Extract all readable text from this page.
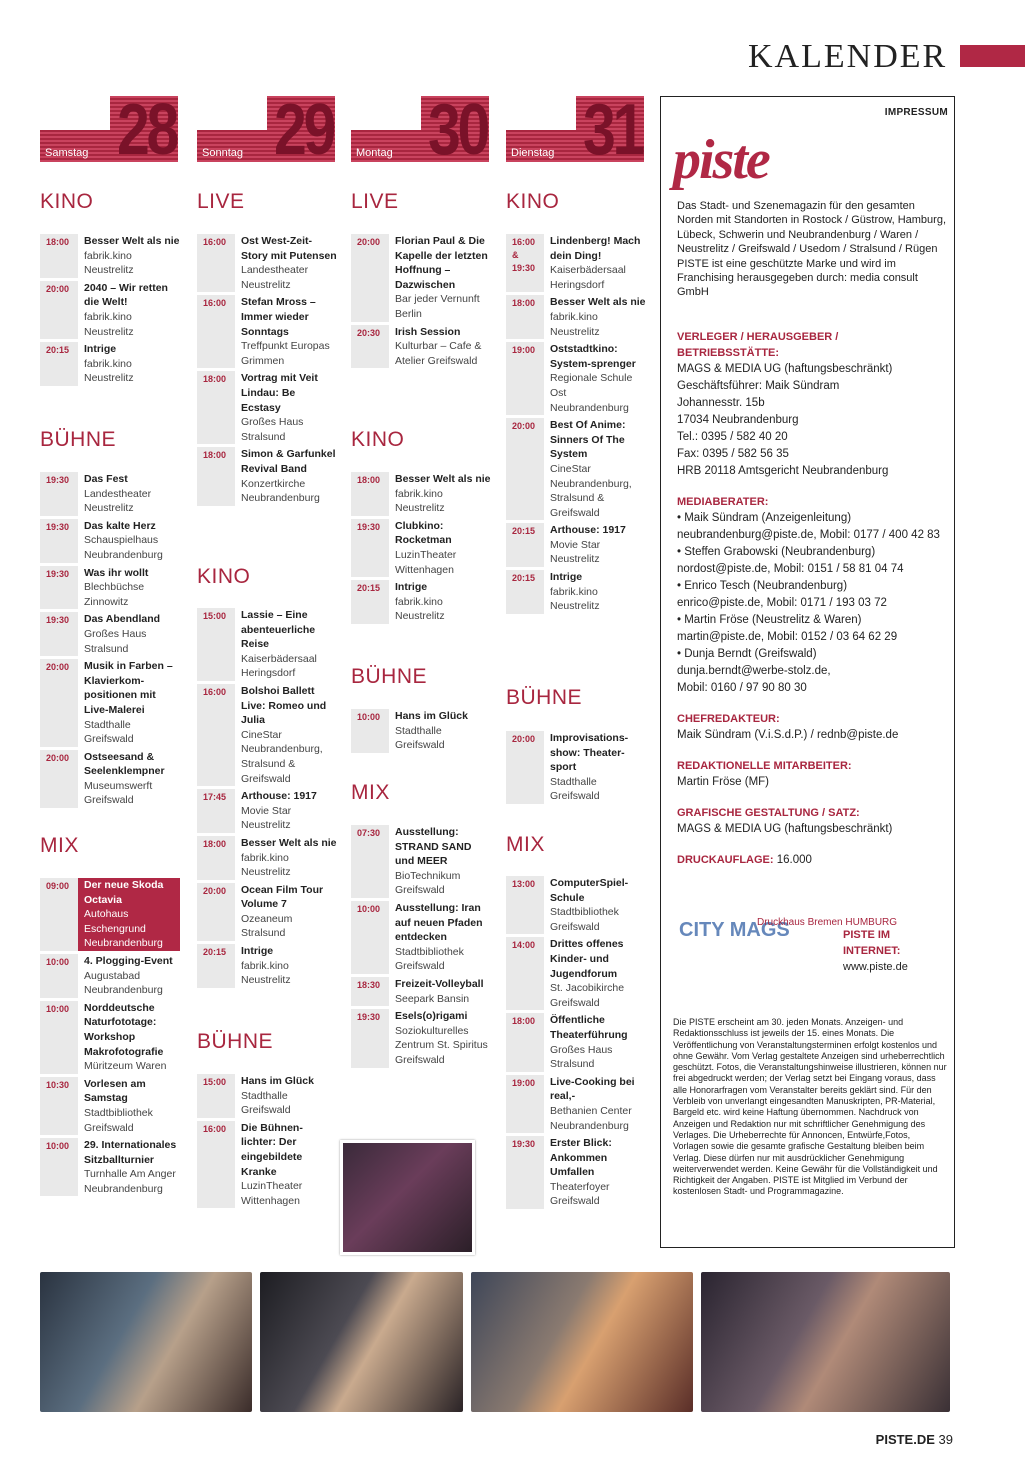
KALENDER
28
Samstag
KINO
18:00	Besser Welt als nie
fabrik.kino Neustrelitz
20:00	2040 – Wir retten die Welt!
fabrik.kino Neustrelitz
20:15	Intrige
fabrik.kino Neustrelitz
BÜHNE
19:30	Das Fest
Landestheater Neustrelitz
19:30	Das kalte Herz
Schauspielhaus Neubrandenburg
19:30	Was ihr wollt
Blechbüchse Zinnowitz
19:30	Das Abendland
Großes Haus Stralsund
20:00	Musik in Farben – Klavierkom-positionen mit Live-Malerei
Stadthalle Greifswald
20:00	Ostseesand & Seelenklempner
Museumswerft Greifswald
MIX
09:00	Der neue Skoda Octavia
Autohaus Eschengrund Neubrandenburg
10:00	4. Plogging-Event
Augustabad Neubrandenburg
10:00	Norddeutsche Naturfototage: Workshop Makrofotografie
Müritzeum Waren
10:30	Vorlesen am Samstag
Stadtbibliothek Greifswald
10:00	29. Internationales Sitzballturnier
Turnhalle Am Anger Neubrandenburg
29
Sonntag
LIVE
16:00	Ost West-Zeit-Story mit Putensen
Landestheater Neustrelitz
16:00	Stefan Mross – Immer wieder Sonntags
Treffpunkt Europas Grimmen
18:00	Vortrag mit Veit Lindau: Be Ecstasy
Großes Haus Stralsund
18:00	Simon & Garfunkel Revival Band
Konzertkirche Neubrandenburg
KINO
15:00	Lassie – Eine abenteuerliche Reise
Kaiserbädersaal Heringsdorf
16:00	Bolshoi Ballett Live: Romeo und Julia
CineStar Neubrandenburg, Stralsund & Greifswald
17:45	Arthouse: 1917
Movie Star Neustrelitz
18:00	Besser Welt als nie
fabrik.kino Neustrelitz
20:00	Ocean Film Tour Volume 7
Ozeaneum Stralsund
20:15	Intrige
fabrik.kino Neustrelitz
BÜHNE
15:00	Hans im Glück
Stadthalle Greifswald
16:00	Die Bühnen-lichter: Der eingebildete Kranke
LuzinTheater Wittenhagen
30
Montag
LIVE
20:00	Florian Paul & Die Kapelle der letzten Hoffnung – Dazwischen
Bar jeder Vernunft Berlin
20:30	Irish Session
Kulturbar – Cafe & Atelier Greifswald
KINO
18:00	Besser Welt als nie
fabrik.kino Neustrelitz
19:30	Clubkino: Rocketman
LuzinTheater Wittenhagen
20:15	Intrige
fabrik.kino Neustrelitz
BÜHNE
10:00	Hans im Glück
Stadthalle Greifswald
MIX
07:30	Ausstellung: STRAND SAND und MEER
BioTechnikum Greifswald
10:00	Ausstellung: Iran auf neuen Pfaden entdecken
Stadtbibliothek Greifswald
18:30	Freizeit-Volleyball
Seepark Bansin
19:30	Esels(o)rigami
Soziokulturelles Zentrum St. Spiritus Greifswald
31
Dienstag
KINO
16:00 & 19:30
Lindenberg! Mach dein Ding!
Kaiserbädersaal Heringsdorf
18:00	Besser Welt als nie
fabrik.kino Neustrelitz
19:00	Oststadtkino: System-sprenger
Regionale Schule Ost Neubrandenburg
20:00	Best Of Anime: Sinners Of The System
CineStar Neubrandenburg, Stralsund & Greifswald
20:15	Arthouse: 1917
Movie Star Neustrelitz
20:15	Intrige
fabrik.kino Neustrelitz
BÜHNE
20:00	Improvisations-show: Theater-sport
Stadthalle Greifswald
MIX
13:00	ComputerSpiel-Schule
Stadtbibliothek Greifswald
14:00	Drittes offenes Kinder- und Jugendforum
St. Jacobikirche Greifswald
18:00	Öffentliche Theaterführung
Großes Haus Stralsund
19:00	Live-Cooking bei real,-
Bethanien Center Neubrandenburg
19:30	Erster Blick: Ankommen Umfallen
Theaterfoyer Greifswald
IMPRESSUM
piste
Das Stadt- und Szenemagazin für den gesamten Norden mit Standorten in Rostock / Güstrow, Hamburg, Lübeck, Schwerin und Neubrandenburg / Waren / Neustrelitz / Greifswald / Usedom / Stralsund / Rügen PISTE ist eine geschützte Marke und wird im Franchising herausgegeben durch: media consult GmbH
VERLEGER / HERAUSGEBER / BETRIEBSSTÄTTE:
MAGS & MEDIA UG (haftungsbeschränkt)
Geschäftsführer: Maik Sündram
Johannesstr. 15b
17034 Neubrandenburg
Tel.: 0395 / 582 40 20
Fax: 0395 / 582 56 35
HRB 20118 Amtsgericht Neubrandenburg
MEDIABERATER:
• Maik Sündram (Anzeigenleitung)
neubrandenburg@piste.de, Mobil: 0177 / 400 42 83
• Steffen Grabowski (Neubrandenburg)
nordost@piste.de, Mobil: 0151 / 58 81 04 74
• Enrico Tesch (Neubrandenburg)
enrico@piste.de, Mobil: 0171 / 193 03 72
• Martin Fröse (Neustrelitz & Waren)
martin@piste.de, Mobil: 0152 / 03 64 62 29
• Dunja Berndt (Greifswald)
dunja.berndt@werbe-stolz.de,
Mobil: 0160 / 97 90 80 30
CHEFREDAKTEUR:
Maik Sündram (V.i.S.d.P.) / rednb@piste.de
REDAKTIONELLE MITARBEITER:
Martin Fröse (MF)
GRAFISCHE GESTALTUNG / SATZ:
MAGS & MEDIA UG (haftungsbeschränkt)
DRUCKAUFLAGE: 16.000
CITY MAGS
Druckhaus Bremen HUMBURG
PISTE IM INTERNET:
www.piste.de
Die PISTE erscheint am 30. jeden Monats. Anzeigen- und Redaktionsschluss ist jeweils der 15. eines Monats. Die Veröffentlichung von Veranstaltungsterminen erfolgt kostenlos und ohne Gewähr. Vom Verlag gestaltete Anzeigen sind urheberrechtlich geschützt. Fotos, die Veranstaltungshinweise illustrieren, können nur frei abgedruckt werden; der Verlag setzt bei Eingang voraus, dass alle Honorarfragen vom Veranstalter bereits geklärt sind. Für den Verbleib von unverlangt eingesandten Manuskripten, PR-Material, Bargeld etc. wird keine Haftung übernommen. Nachdruck von Anzeigen und Redaktion nur mit schriftlicher Genehmigung des Verlages. Die Urheberrechte für Annoncen, Entwürfe,Fotos, Vorlagen sowie die gesamte grafische Gestaltung bleiben beim Verlag. Diese dürfen nur mit ausdrücklicher Genehmigung weiterverwendet werden. Keine Gewähr für die Vollständigkeit und Richtigkeit der Angaben. PISTE ist Mitglied im Verbund der kostenlosen Stadt- und Programmagazine.
PISTE.DE 39
